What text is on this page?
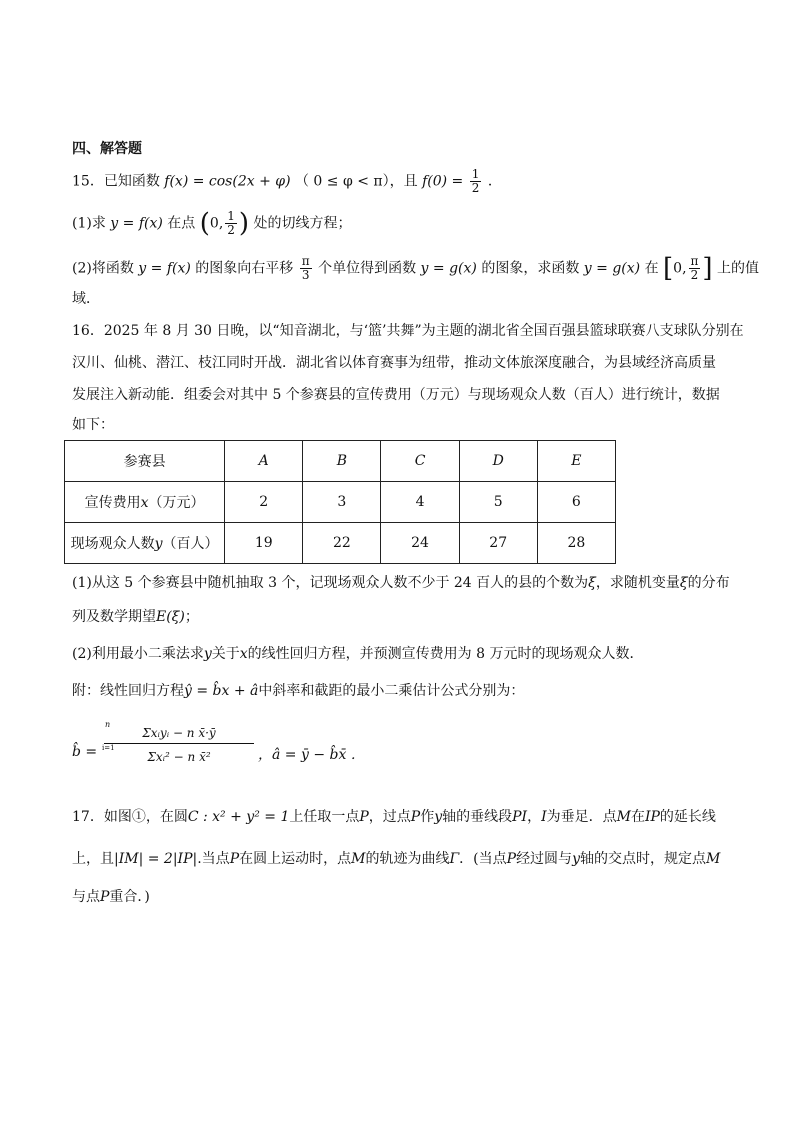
四、解答题
15．已知函数 f(x) = cos(2x + φ) （ 0 ≤ φ < π），且 $f(0) = \frac{1}{2}$ ．
(1)求 y = f(x) 在点 (0, $\frac{1}{2}$ ) 处的切线方程；
(2)将函数 y = f(x) 的图象向右平移 $\frac{\pi}{3}$ 个单位得到函数 y = g(x) 的图象，求函数 y = g(x) 在 [0, $\frac{\pi}{2}$ ] 上的值
域．
16．2025 年 8 月 30 日晚，以“知音湖北，与‘篮’共舞”为主题的湖北省全国百强县篮球联赛八支球队分别在
汉川、仙桃、潜江、枝江同时开战．湖北省以体育赛事为纽带，推动文体旅深度融合，为县域经济高质量
发展注入新动能．组委会对其中 5 个参赛县的宣传费用（万元）与现场观众人数（百人）进行统计，数据
如下：
参赛县	A	B	C	D	E
宣传费用x（万元）	2	3	4	5	6
现场观众人数y（百人）	19	22	24	27	28
(1)从这 5 个参赛县中随机抽取 3 个，记现场观众人数不少于 24 百人的县的个数为ξ，求随机变量ξ的分布
列及数学期望E(ξ)；
(2)利用最小二乘法求y关于x的线性回归方程，并预测宣传费用为 8 万元时的现场观众人数．
附：线性回归方程ŷ = b̂x + â中斜率和截距的最小二乘估计公式分别为：
b̂ =
Σxᵢyᵢ − n x̄·ȳ
Σxᵢ² − n x̄²
n
i=1	，â = ȳ − b̂x̄ ．
17．如图①，在圆C : x² + y² = 1上任取一点P，过点P作y轴的垂线段PI，I为垂足．点M在IP的延长线
上，且|IM| = 2|IP|.当点P在圆上运动时，点M的轨迹为曲线Γ．(当点P经过圆与y轴的交点时，规定点M
与点P重合．)
